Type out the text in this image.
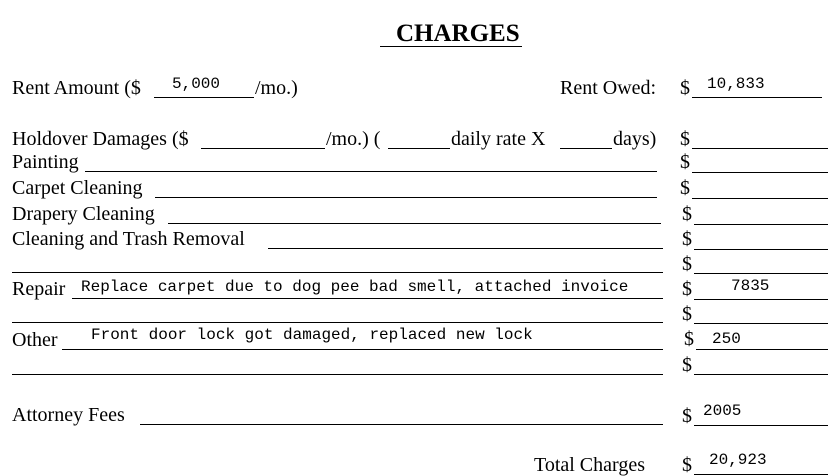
CHARGES
Rent Amount ($ 5,000 /mo.)	Rent Owed: $ 10,833
Holdover Damages ($	/mo.) (	daily rate X	days) $
Painting	$
Carpet Cleaning	$
Drapery Cleaning	$
Cleaning and Trash Removal	$
$
Repair Replace carpet due to dog pee bad smell, attached invoice	$ 7835
$
Other Front door lock got damaged, replaced new lock	$ 250
$
Attorney Fees	$ 2005
Total Charges $ 20,923
